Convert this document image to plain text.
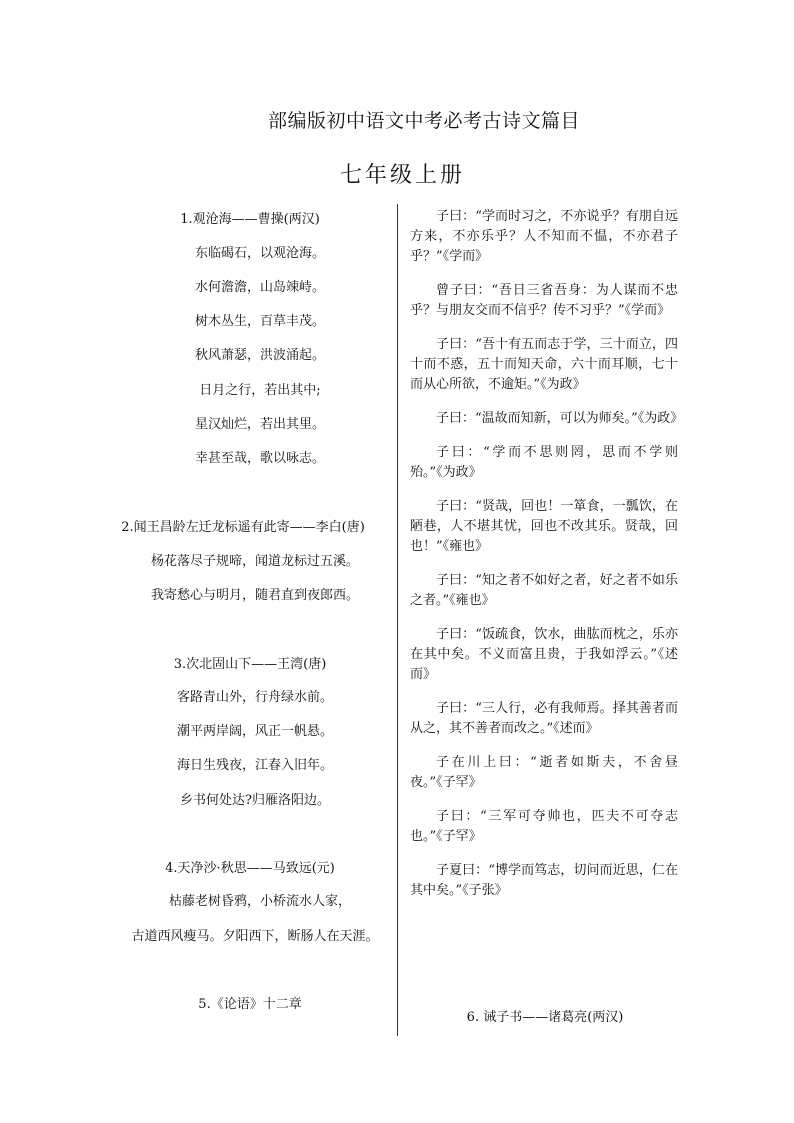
部编版初中语文中考必考古诗文篇目
七年级上册
1.观沧海——曹操(两汉)
东临碣石，以观沧海。
水何澹澹，山岛竦峙。
树木丛生，百草丰茂。
秋风萧瑟，洪波涌起。
日月之行，若出其中;
星汉灿烂，若出其里。
幸甚至哉，歌以咏志。
2.闻王昌龄左迁龙标遥有此寄——李白(唐)
杨花落尽子规啼，闻道龙标过五溪。
我寄愁心与明月，随君直到夜郎西。
3.次北固山下——王湾(唐)
客路青山外，行舟绿水前。
潮平两岸阔，风正一帆悬。
海日生残夜，江春入旧年。
乡书何处达?归雁洛阳边。
4.天净沙·秋思——马致远(元)
枯藤老树昏鸦，小桥流水人家，
古道西风瘦马。夕阳西下，断肠人在天涯。
5.《论语》十二章

子曰：“学而时习之，不亦说乎？有朋自远方来，不亦乐乎？人不知而不愠，不亦君子乎？”《学而》

曾子曰：“吾日三省吾身：为人谋而不忠乎？与朋友交而不信乎？传不习乎？”《学而》

子曰：“吾十有五而志于学，三十而立，四十而不惑，五十而知天命，六十而耳顺，七十而从心所欲，不逾矩。”《为政》

子曰：“温故而知新，可以为师矣。”《为政》

子曰：“学而不思则罔，思而不学则殆。”《为政》

子曰：“贤哉，回也！一箪食，一瓢饮，在陋巷，人不堪其忧，回也不改其乐。贤哉，回也！”《雍也》

子曰：“知之者不如好之者，好之者不如乐之者。”《雍也》

子曰：“饭疏食，饮水，曲肱而枕之，乐亦在其中矣。不义而富且贵，于我如浮云。”《述而》

子曰：“三人行，必有我师焉。择其善者而从之，其不善者而改之。”《述而》

子在川上曰：“逝者如斯夫，不舍昼夜。”《子罕》

子曰：“三军可夺帅也，匹夫不可夺志也。”《子罕》

子夏曰：“博学而笃志，切问而近思，仁在其中矣。”《子张》

6. 诫子书——诸葛亮(两汉)
